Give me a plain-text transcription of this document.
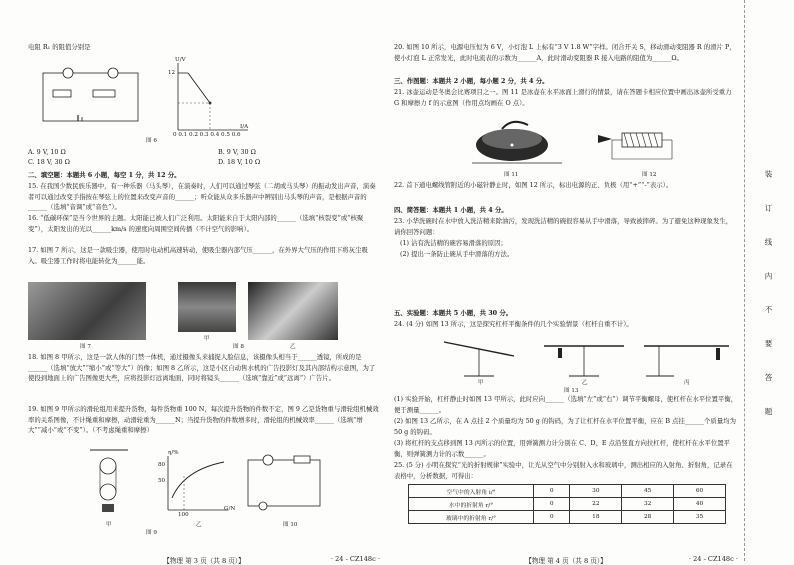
电阻 R₁ 的阻值分别是
U/V
12
0 0.1 0.2 0.3 0.4 0.5 0.6
I/A
图 6
A. 9 V, 10 Ω	B. 9 V, 30 Ω
C. 18 V, 30 Ω	D. 18 V, 10 Ω
二、填空题：本题共 6 小题，每空 1 分，共 12 分。
15. 在我国少数民族乐器中，有一种乐器（马头琴），在演奏时，人们可以通过琴弦（二胡或马头琴）的振动发出声音，演奏者可以通过改变手指按在琴弦上的位置来改变声音的______；听众能从众多乐器声中辨别出马头琴的声音，是根据声音的______（选填“音调”或“音色”）。
16. “低碳环保”是当今世界的主题。太阳能已被人们广泛利用。太阳能来自于太阳内部的______（选填“核裂变”或“核聚变”），太阳发出的光以______km/s 的速度向周围空间传播（不计空气的影响）。
17. 如图 7 所示，这是一款吸尘器，使用时电动机高速转动，使吸尘器内部气压______，在外界大气压的作用下将灰尘吸入。吸尘器工作时将电能转化为______能。
图 7
甲
乙
图 8
18. 如图 8 甲所示，这是一款人体的门禁一体机，通过摄像头来捕捉人脸信息，该摄像头相当于______透镜，所成的是______（选填“放大”“缩小”或“等大”）的像；如图 8 乙所示，这是小区自动售水机的广告投影灯及其内部结构示意图，为了使投到地面上的广告图像更大些，应将投影灯远离地面，同时将镜头______（选填“靠近”或“远离”）广告片。
19. 如图 9 甲所示的滑轮组用来提升货物，每件货物重 100 N，每次提升货物的件数不定，图 9 乙是货物重与滑轮组机械效率的关系图像，不计绳重和摩擦，动滑轮重为______N；当提升货物的件数增多时，滑轮组的机械效率______（选填“增大”“减小”或“不变”）。（不考虑绳重和摩擦）
η/%
80
50
100
G/N
甲	乙
图 9
图 10
【物理 第 3 页（共 8 页）】	· 24 - CZ148c ·
20. 如图 10 所示，电源电压恒为 6 V，小灯泡 L 上标有“3 V 1.8 W”字样。闭合开关 S，移动滑动变阻器 R 的滑片 P，使小灯泡 L 正常发光，此时电流表的示数为______A，此时滑动变阻器 R 接入电路的阻值为______Ω。
三、作图题：本题共 2 小题，每小题 2 分，共 4 分。
21. 冰壶运动是冬奥会比赛项目之一。图 11 是冰壶在水平冰面上滑行的情景，请在答题卡相应位置中画出冰壶所受重力 G 和摩擦力 f 的示意图（作用点均画在 O 点）。
图 11	图 12
22. 首下通电螺线管附近的小磁针静止时，如图 12 所示，标出电源的正、负极（用“+”“-”表示）。
四、简答题：本题共 1 小题，共 4 分。
23. 小华洗碗时在水中放入洗洁精来除油污，发现洗洁精的碗很容易从手中滑落，导致被摔碎。为了避免这种现象发生，请你回答问题：
(1) 沾有洗洁精的碗容易滑落的原因；
(2) 提出一条防止碗从手中滑落的方法。
五、实验题：本题共 5 小题，共 30 分。
24. (4 分) 如图 13 所示，这是探究杠杆平衡条件的几个实验情景（杠杆自重不计）。
甲	乙	丙
图 13
(1) 实验开始，杠杆静止时如图 13 甲所示，此时应向______（选填“左”或“右”）调节平衡螺母，使杠杆在水平位置平衡，便于测量______。
(2) 如图 13 乙所示，在 A 点挂 2 个质量均为 50 g 的钩码，为了让杠杆在水平位置平衡，应在 B 点挂______个质量均为 50 g 的钩码。
(3) 将杠杆的支点移到图 13 丙所示的位置，用弹簧测力计分别在 C、D、E 点沿竖直方向拉杠杆，使杠杆在水平位置平衡，则弹簧测力计的示数______。
25. (5 分) 小明在探究“光的折射规律”实验中，让光从空气中分别射入水和玻璃中，测出相应的入射角、折射角，记录在表格中，分析数据，可得出：
空气中的入射角 i/°	0	30	45	60
水中的折射角 r/°	0	22	32	40
玻璃中的折射角 r/°	0	18	28	35
【物理 第 4 页（共 8 页）】	· 24 - CZ148c ·
装 订 线 内 不 要 答 题
